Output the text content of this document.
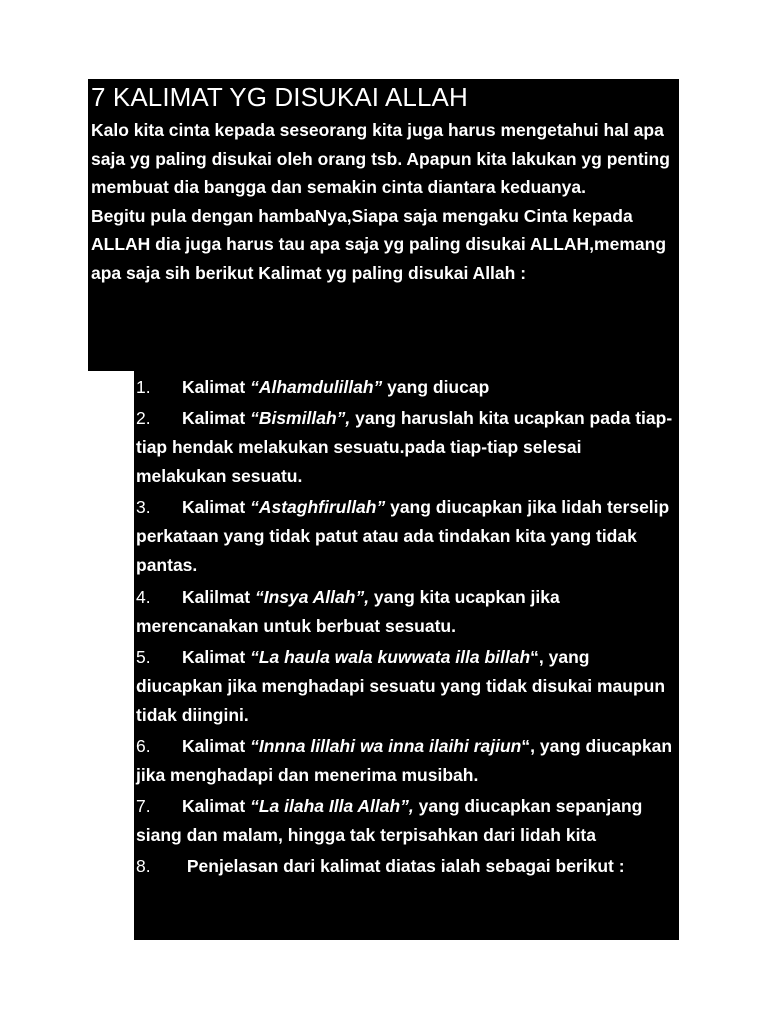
7 KALIMAT YG DISUKAI ALLAH

Kalo kita cinta kepada seseorang kita juga harus mengetahui hal apa saja yg paling disukai oleh orang tsb. Apapun kita lakukan yg penting membuat dia bangga dan semakin cinta diantara keduanya.

Begitu pula dengan hambaNya,Siapa saja mengaku Cinta kepada ALLAH dia juga harus tau apa saja yg paling disukai ALLAH,memang apa saja sih berikut Kalimat yg paling disukai Allah :

1. Kalimat “Alhamdulillah” yang diucap
2. Kalimat “Bismillah”, yang haruslah kita ucapkan pada tiap-tiap hendak melakukan sesuatu.pada tiap-tiap selesai melakukan sesuatu.
3. Kalimat “Astaghfirullah” yang diucapkan jika lidah terselip perkataan yang tidak patut atau ada tindakan kita yang tidak pantas.
4. Kalilmat “Insya Allah”, yang kita ucapkan jika merencanakan untuk berbuat sesuatu.
5. Kalimat “La haula wala kuwwata illa billah“, yang diucapkan jika menghadapi sesuatu yang tidak disukai maupun tidak diingini.
6. Kalimat “Innna lillahi wa inna ilaihi rajiun“, yang diucapkan jika menghadapi dan menerima musibah.
7. Kalimat “La ilaha Illa Allah”, yang diucapkan sepanjang siang dan malam, hingga tak terpisahkan dari lidah kita
8. Penjelasan dari kalimat diatas ialah sebagai berikut :
